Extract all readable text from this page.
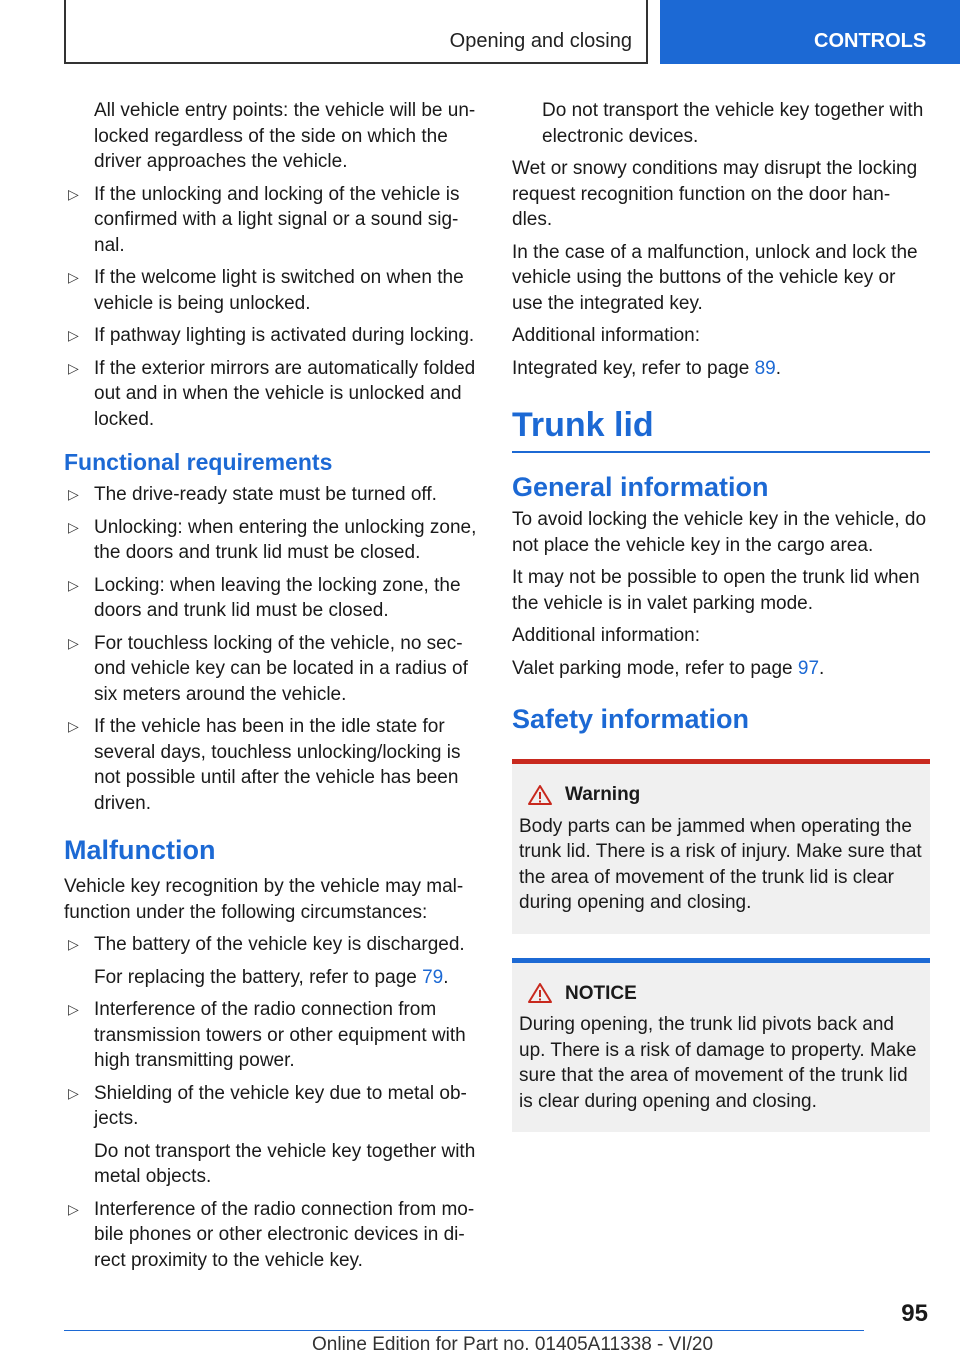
Opening and closing	CONTROLS

All vehicle entry points: the vehicle will be un-locked regardless of the side on which the driver approaches the vehicle.

▷ If the unlocking and locking of the vehicle is confirmed with a light signal or a sound sig-nal.
▷ If the welcome light is switched on when the vehicle is being unlocked.
▷ If pathway lighting is activated during locking.
▷ If the exterior mirrors are automatically folded out and in when the vehicle is unlocked and locked.
Functional requirements
▷ The drive-ready state must be turned off.
▷ Unlocking: when entering the unlocking zone, the doors and trunk lid must be closed.
▷ Locking: when leaving the locking zone, the doors and trunk lid must be closed.
▷ For touchless locking of the vehicle, no sec-ond vehicle key can be located in a radius of six meters around the vehicle.
▷ If the vehicle has been in the idle state for several days, touchless unlocking/locking is not possible until after the vehicle has been driven.
Malfunction

Vehicle key recognition by the vehicle may mal-function under the following circumstances:

▷ The battery of the vehicle key is discharged.
For replacing the battery, refer to page 79.
▷ Interference of the radio connection from transmission towers or other equipment with high transmitting power.
▷ Shielding of the vehicle key due to metal ob-jects.
Do not transport the vehicle key together with metal objects.
▷ Interference of the radio connection from mo-bile phones or other electronic devices in di-rect proximity to the vehicle key.

Do not transport the vehicle key together with electronic devices.

Wet or snowy conditions may disrupt the locking request recognition function on the door han-dles.

In the case of a malfunction, unlock and lock the vehicle using the buttons of the vehicle key or use the integrated key.

Additional information:

Integrated key, refer to page 89.

Trunk lid
General information

To avoid locking the vehicle key in the vehicle, do not place the vehicle key in the cargo area.

It may not be possible to open the trunk lid when the vehicle is in valet parking mode.

Additional information:

Valet parking mode, refer to page 97.

Safety information
Warning

Body parts can be jammed when operating the trunk lid. There is a risk of injury. Make sure that the area of movement of the trunk lid is clear during opening and closing.

NOTICE

During opening, the trunk lid pivots back and up. There is a risk of damage to property. Make sure that the area of movement of the trunk lid is clear during opening and closing.

95
Online Edition for Part no. 01405A11338 - VI/20
